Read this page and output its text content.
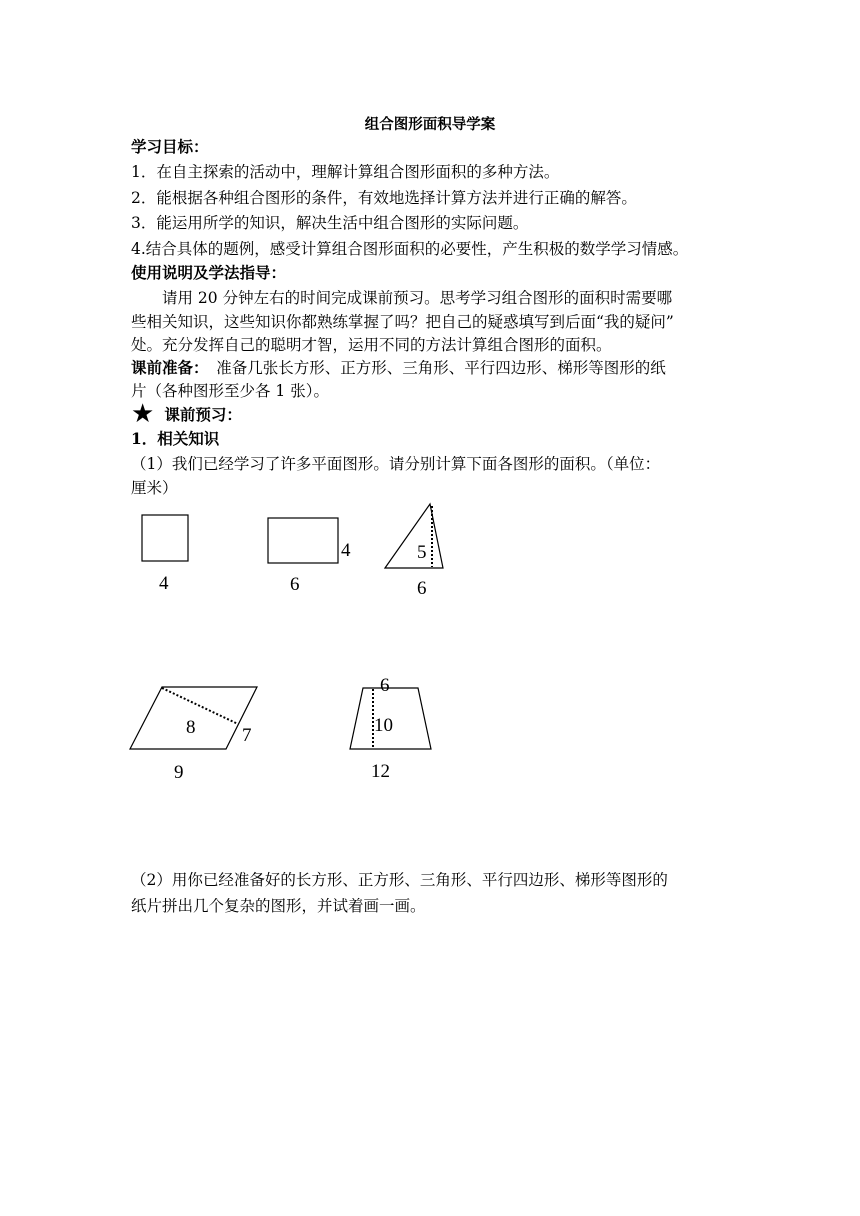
组合图形面积导学案
学习目标：
1．在自主探索的活动中，理解计算组合图形面积的多种方法。
2．能根据各种组合图形的条件，有效地选择计算方法并进行正确的解答。
3．能运用所学的知识，解决生活中组合图形的实际问题。
4.结合具体的题例，感受计算组合图形面积的必要性，产生积极的数学学习情感。
使用说明及学法指导：
　　请用 20 分钟左右的时间完成课前预习。思考学习组合图形的面积时需要哪
些相关知识，这些知识你都熟练掌握了吗？把自己的疑惑填写到后面“我的疑问”
处。充分发挥自己的聪明才智，运用不同的方法计算组合图形的面积。
课前准备：　准备几张长方形、正方形、三角形、平行四边形、梯形等图形的纸
片（各种图形至少各 1 张）。
★ 课前预习：
1．相关知识
（1）我们已经学习了许多平面图形。请分别计算下面各图形的面积。（单位：
厘米）
4
4
6
5
6
8 7
9
6
10
12
（2）用你已经准备好的长方形、正方形、三角形、平行四边形、梯形等图形的
纸片拼出几个复杂的图形，并试着画一画。
